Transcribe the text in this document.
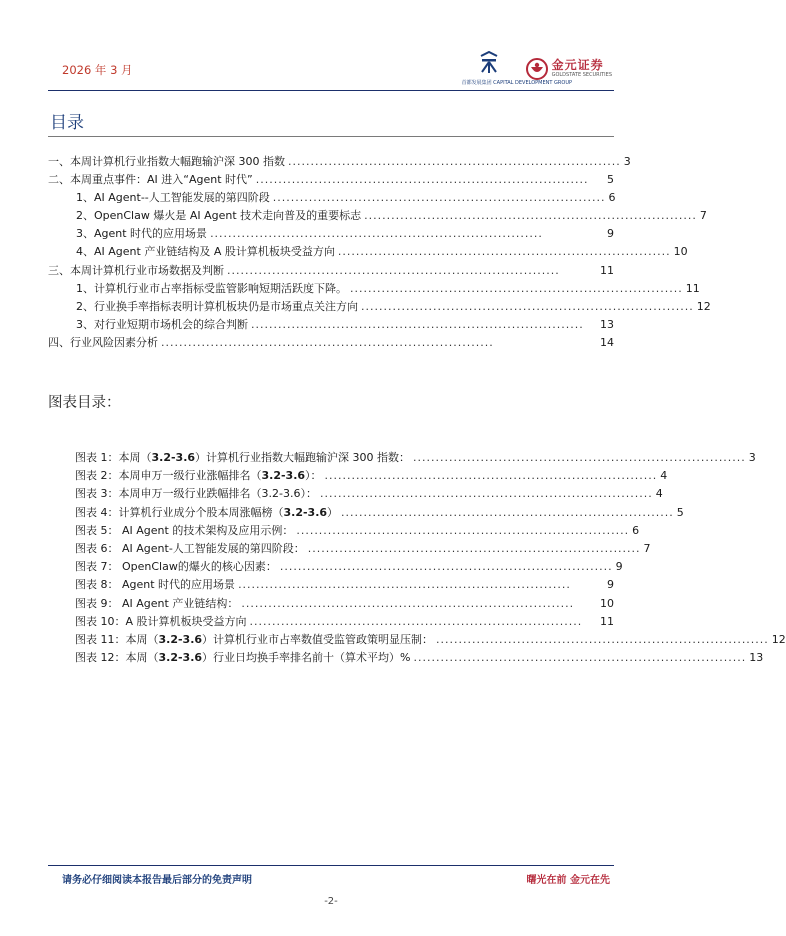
2026 年 3 月
首都发展集团 CAPITAL DEVELOPMENT GROUP
金元证券
GOLDSTATE SECURITIES
目录
一、本周计算机行业指数大幅跑输沪深 300 指数 .......................................................................... 3
二、本周重点事件：AI 进入“Agent 时代” ..........................................................................	5
1、AI Agent--人工智能发展的第四阶段 .......................................................................... 6
2、OpenClaw 爆火是 AI Agent 技术走向普及的重要标志 .......................................................................... 7
3、Agent 时代的应用场景 ..........................................................................	9
4、AI Agent 产业链结构及 A 股计算机板块受益方向 .......................................................................... 10
三、本周计算机行业市场数据及判断 ..........................................................................	11
1、计算机行业市占率指标受监管影响短期活跃度下降。 .......................................................................... 11
2、行业换手率指标表明计算机板块仍是市场重点关注方向 .......................................................................... 12
3、对行业短期市场机会的综合判断 ..........................................................................	13
四、行业风险因素分析 ..........................................................................	14
图表目录：
图表 1：本周（3.2-3.6）计算机行业指数大幅跑输沪深 300 指数： .......................................................................... 3
图表 2：本周申万一级行业涨幅排名（3.2-3.6）： .......................................................................... 4
图表 3：本周申万一级行业跌幅排名（3.2-3.6）： .......................................................................... 4
图表 4：计算机行业成分个股本周涨幅榜（3.2-3.6） .......................................................................... 5
图表 5： AI Agent 的技术架构及应用示例： .......................................................................... 6
图表 6： AI Agent-人工智能发展的第四阶段： .......................................................................... 7
图表 7： OpenClaw的爆火的核心因素： .......................................................................... 9
图表 8： Agent 时代的应用场景 ..........................................................................	9
图表 9： AI Agent 产业链结构： ..........................................................................	10
图表 10：A 股计算机板块受益方向 ..........................................................................	11
图表 11：本周（3.2-3.6）计算机行业市占率数值受监管政策明显压制： .......................................................................... 12
图表 12：本周（3.2-3.6）行业日均换手率排名前十（算术平均）% .......................................................................... 13
请务必仔细阅读本报告最后部分的免责声明	曙光在前 金元在先
-2-
